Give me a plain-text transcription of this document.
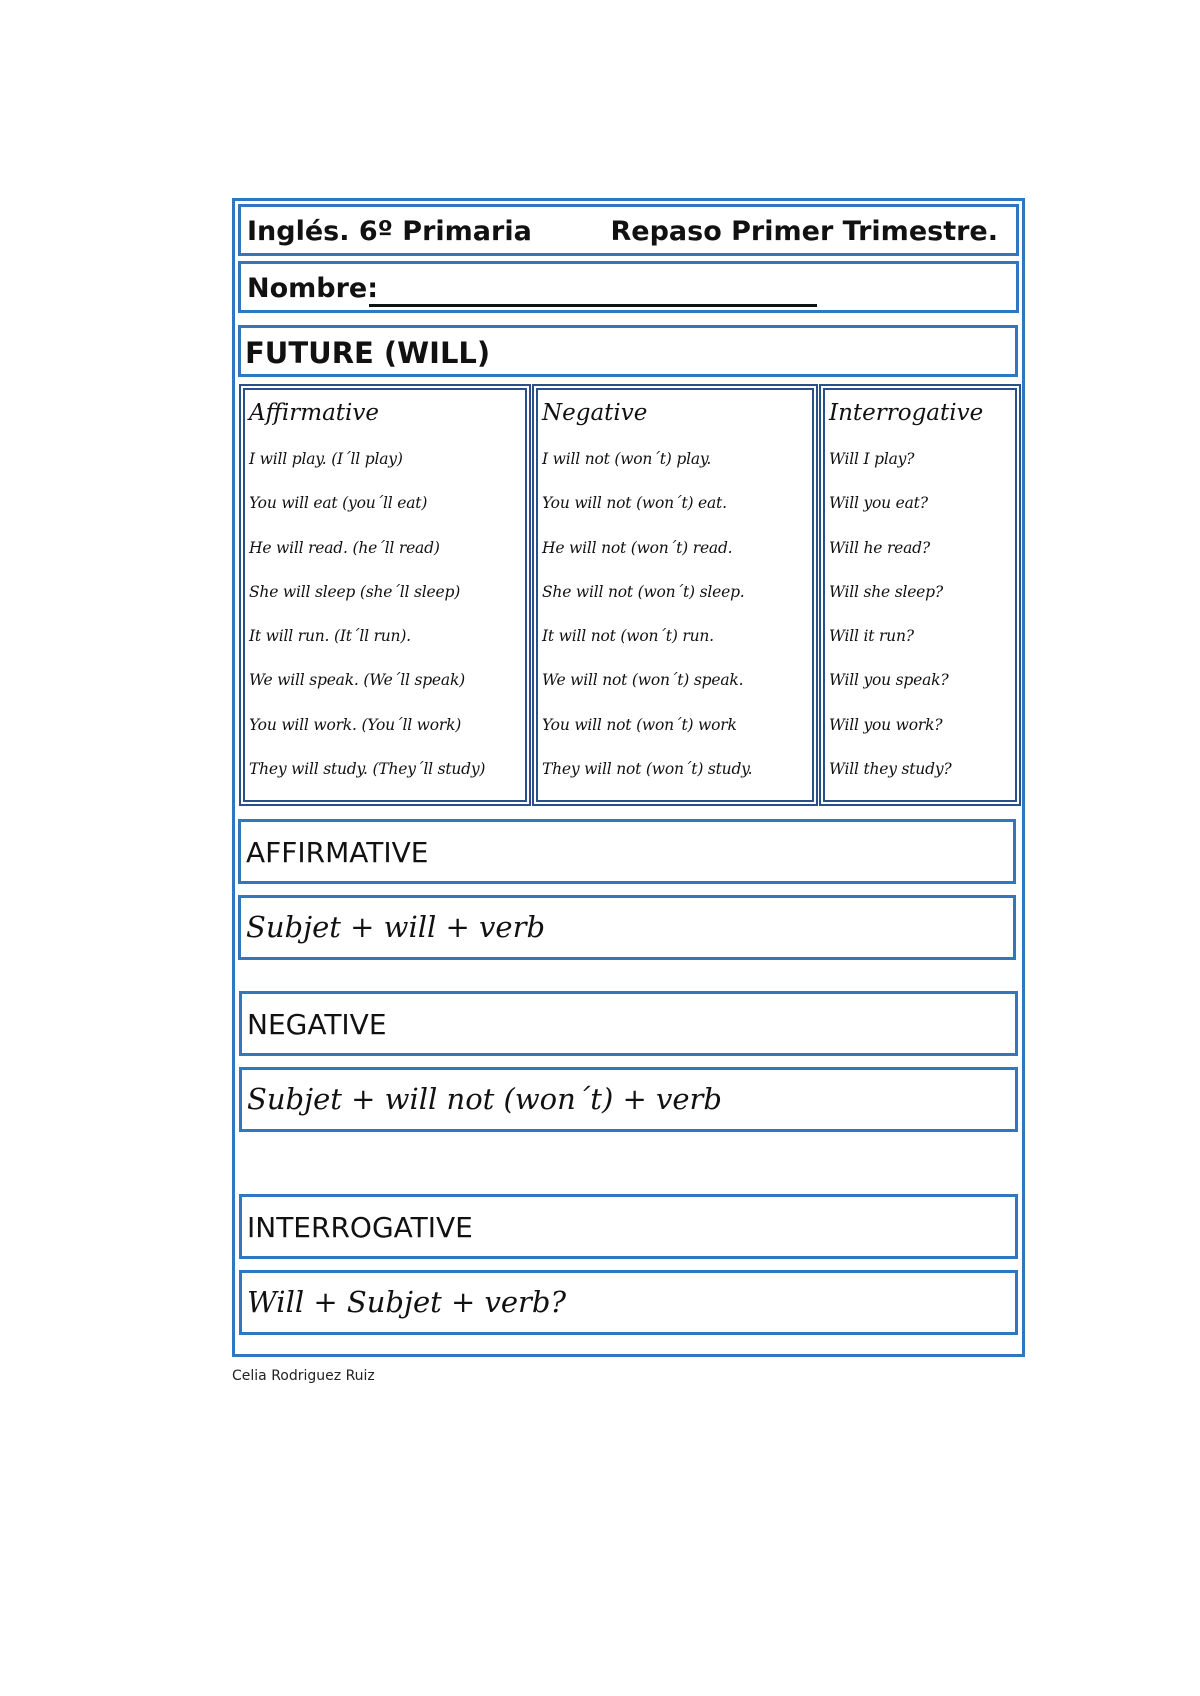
Inglés. 6º Primaria	Repaso Primer Trimestre.
Nombre:
FUTURE (WILL)
Affirmative
I will play. (I´ll play)
You will eat (you´ll eat)
He will read. (he´ll read)
She will sleep (she´ll sleep)
It will run. (It´ll run).
We will speak. (We´ll speak)
You will work. (You´ll work)
They will study. (They´ll study)
Negative
I will not (won´t) play.
You will not (won´t) eat.
He will not (won´t) read.
She will not (won´t) sleep.
It will not (won´t) run.
We will not (won´t) speak.
You will not (won´t) work
They will not (won´t) study.
Interrogative
Will I play?
Will you eat?
Will he read?
Will she sleep?
Will it run?
Will you speak?
Will you work?
Will they study?
AFFIRMATIVE
Subjet + will + verb
NEGATIVE
Subjet + will not (won´t) + verb
INTERROGATIVE
Will + Subjet + verb?
Celia Rodriguez Ruiz
